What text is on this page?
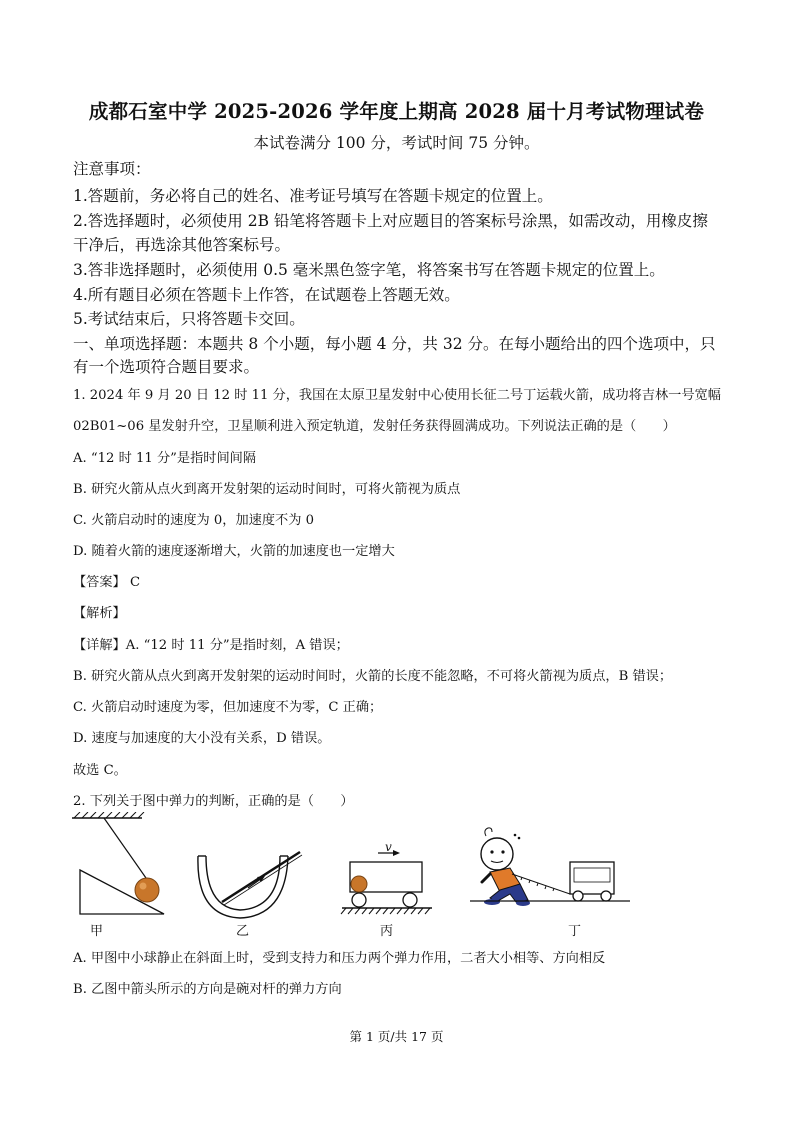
成都石室中学 2025-2026 学年度上期高 2028 届十月考试物理试卷
本试卷满分 100 分，考试时间 75 分钟。
注意事项：
1.答题前，务必将自己的姓名、准考证号填写在答题卡规定的位置上。
2.答选择题时，必须使用 2B 铅笔将答题卡上对应题目的答案标号涂黑，如需改动，用橡皮擦
干净后，再选涂其他答案标号。
3.答非选择题时，必须使用 0.5 毫米黑色签字笔，将答案书写在答题卡规定的位置上。
4.所有题目必须在答题卡上作答，在试题卷上答题无效。
5.考试结束后，只将答题卡交回。
一、单项选择题：本题共 8 个小题，每小题 4 分，共 32 分。在每小题给出的四个选项中，只
有一个选项符合题目要求。
1. 2024 年 9 月 20 日 12 时 11 分，我国在太原卫星发射中心使用长征二号丁运载火箭，成功将吉林一号宽幅
02B01~06 星发射升空，卫星顺利进入预定轨道，发射任务获得圆满成功。下列说法正确的是（　　）
A. “12 时 11 分”是指时间间隔
B. 研究火箭从点火到离开发射架的运动时间时，可将火箭视为质点
C. 火箭启动时的速度为 0，加速度不为 0
D. 随着火箭的速度逐渐增大，火箭的加速度也一定增大
【答案】 C
【解析】
【详解】A. “12 时 11 分”是指时刻，A 错误；
B. 研究火箭从点火到离开发射架的运动时间时，火箭的长度不能忽略，不可将火箭视为质点，B 错误；
C. 火箭启动时速度为零，但加速度不为零，C 正确；
D. 速度与加速度的大小没有关系，D 错误。
故选 C。
2. 下列关于图中弹力的判断，正确的是（　　）
甲	乙	丙	丁
v
A. 甲图中小球静止在斜面上时，受到支持力和压力两个弹力作用，二者大小相等、方向相反
B. 乙图中箭头所示的方向是碗对杆的弹力方向
第 1 页/共 17 页
